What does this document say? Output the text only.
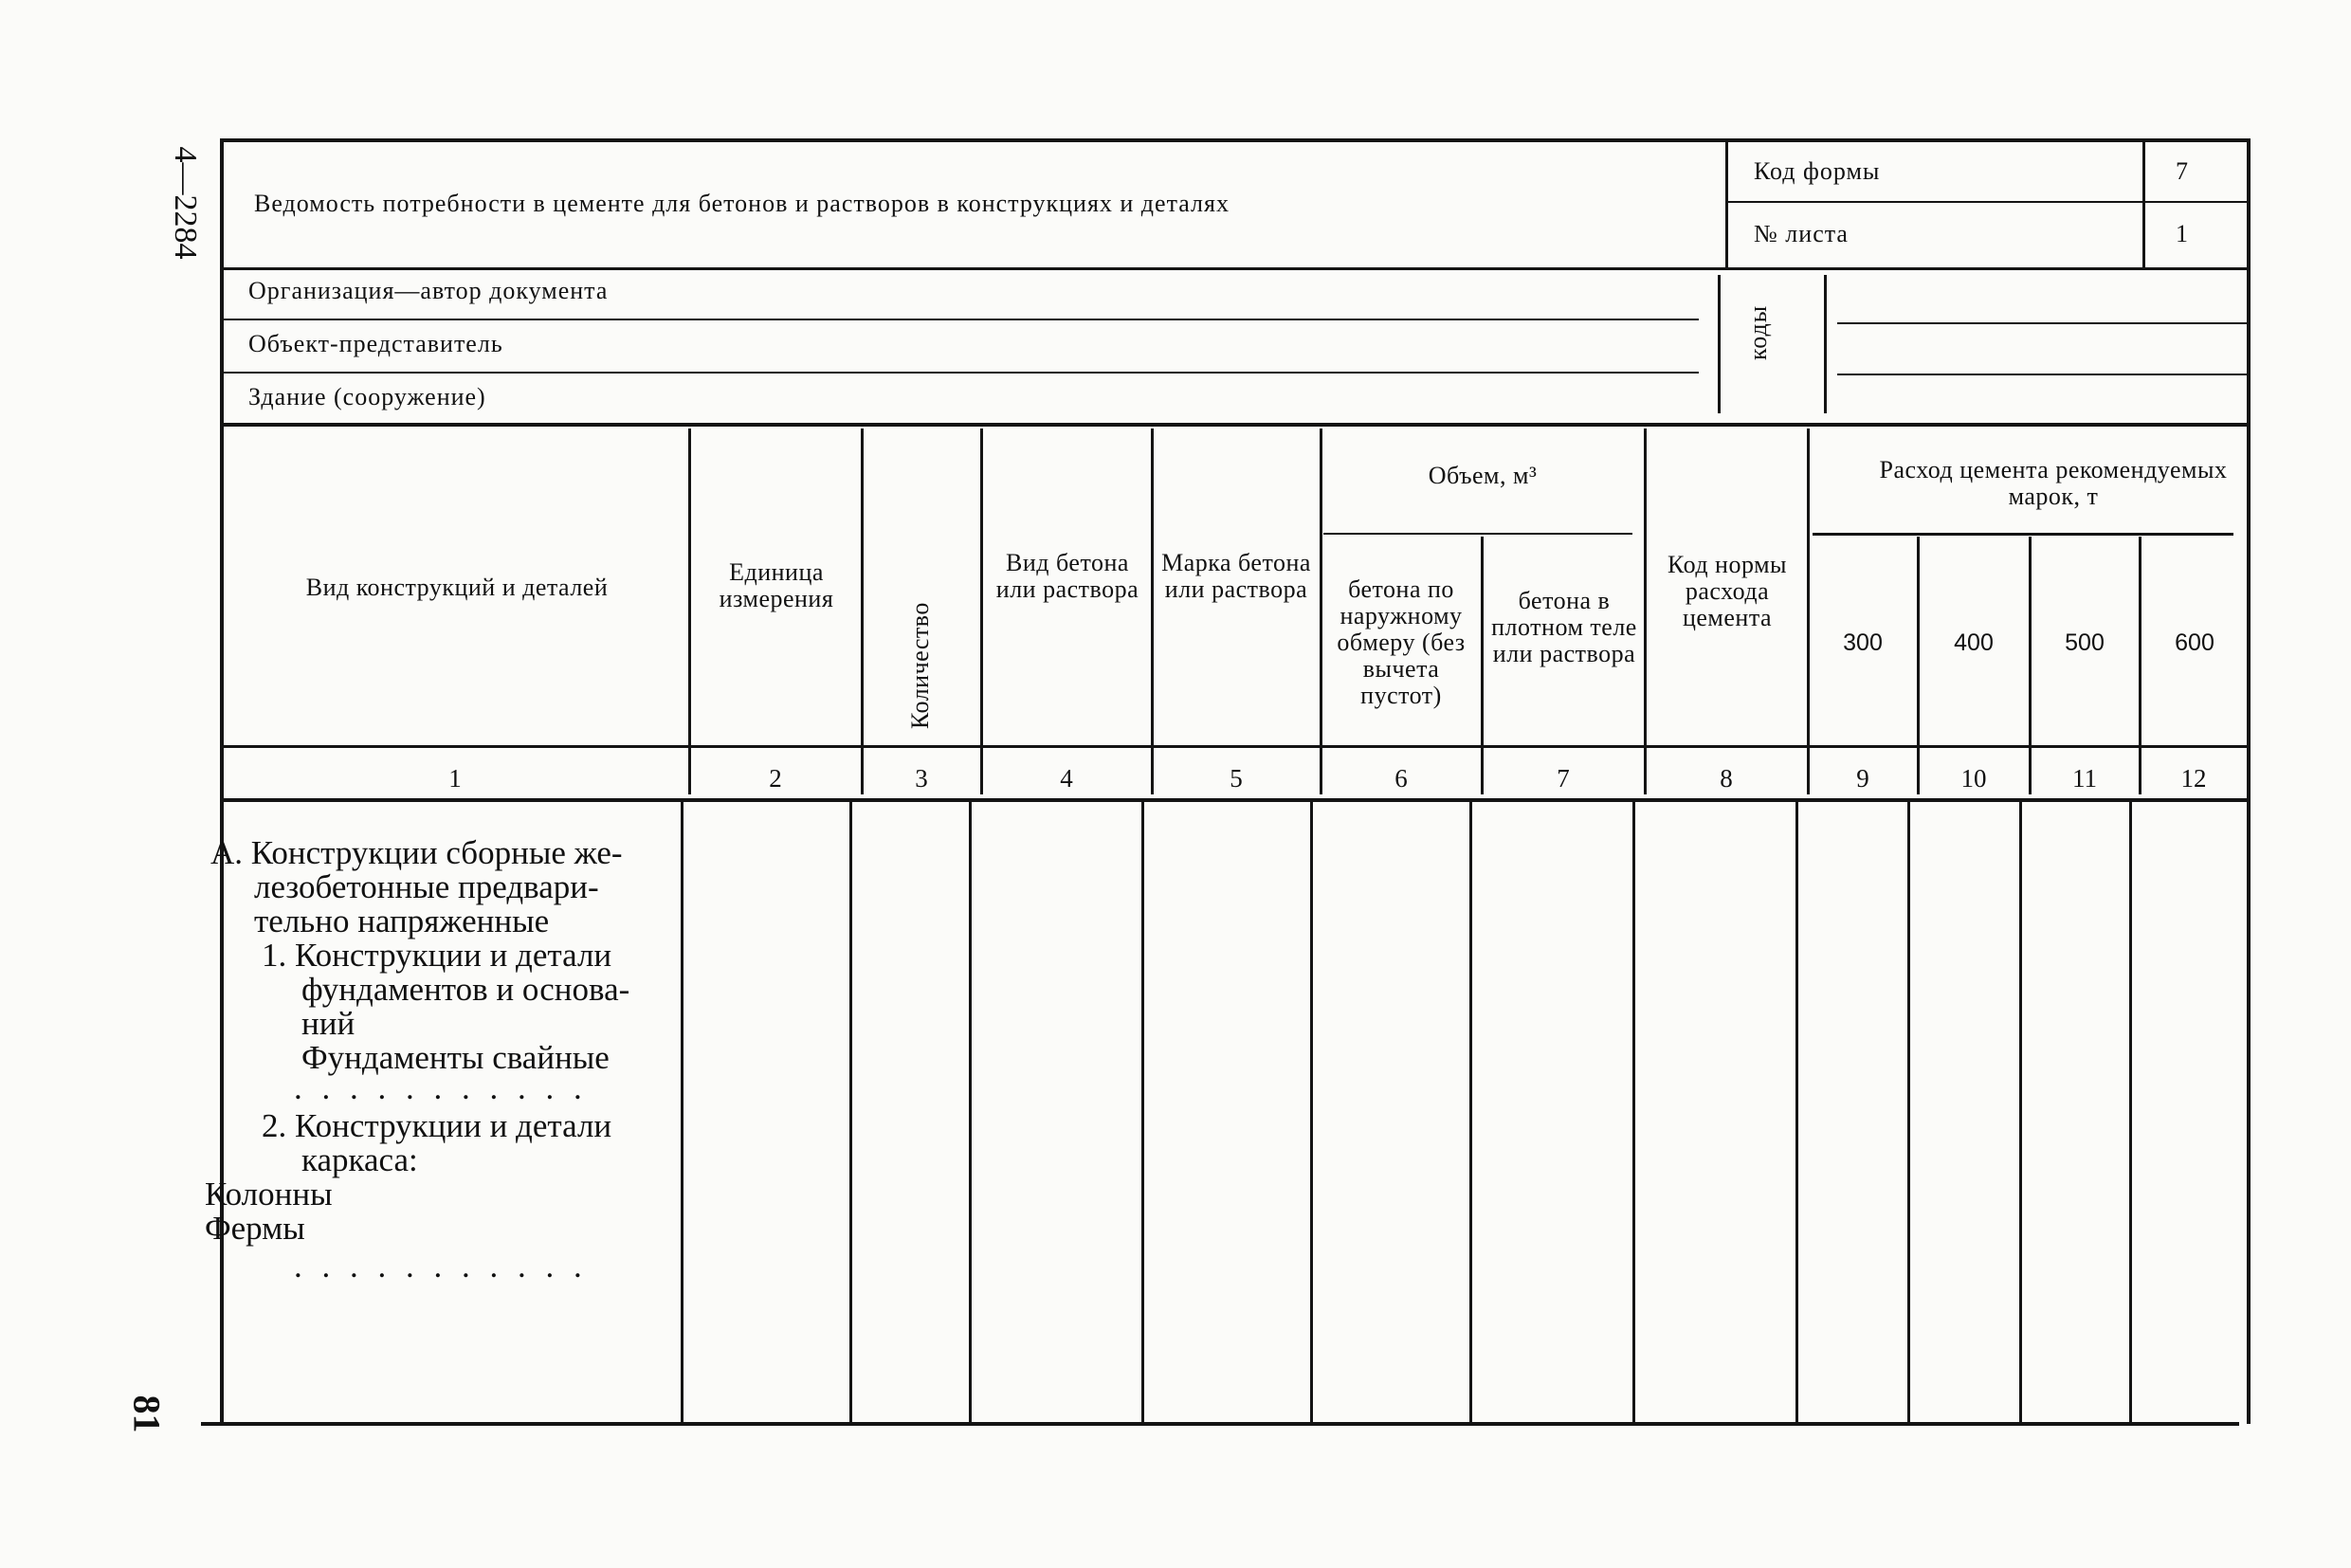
4—2284
81
Ведомость потребности в цементе для бетонов и растворов в конструкциях и деталях
Код формы	7
№ листа	1
Организация—автор документа
Объект-представитель
Здание (сооружение)
коды
Вид конструкций и деталей
Единица измерения
Количество
Вид бетона или раствора
Марка бетона или раствора
Объем, м³
бетона по наружному обмеру (без вычета пустот)
бетона в плотном теле или раствора
Код нормы расхода цемента
Расход цемента рекомендуемых марок, т
300	400	500	600
1	2	3	4	5	6	7	8	9	10	11	12
А. Конструкции сборные же-
лезобетонные предвари-
тельно напряженные
1. Конструкции и детали
фундаментов и основа-
ний
Фундаменты свайные
. . . . . . . . . . .
2. Конструкции и детали
каркаса:
Колонны
Фермы
. . . . . . . . . . .
